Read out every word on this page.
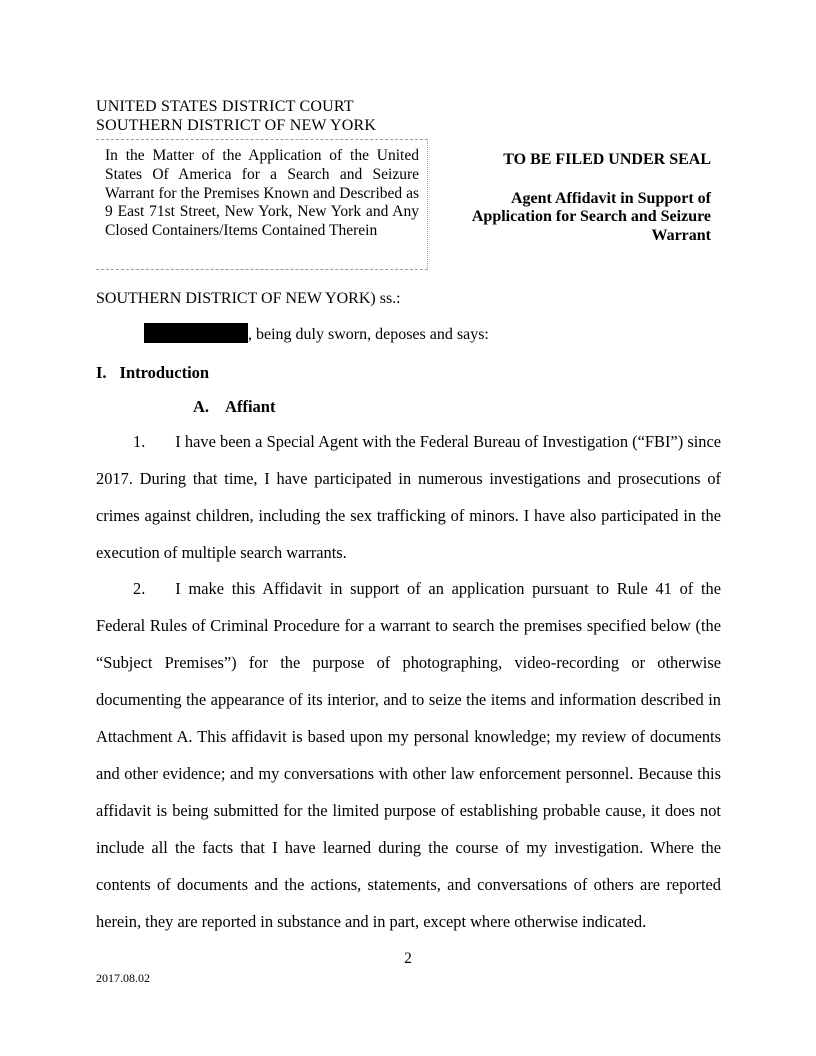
UNITED STATES DISTRICT COURT
SOUTHERN DISTRICT OF NEW YORK
In the Matter of the Application of the United States Of America for a Search and Seizure Warrant for the Premises Known and Described as 9 East 71st Street, New York, New York and Any Closed Containers/Items Contained Therein

TO BE FILED UNDER SEAL

Agent Affidavit in Support of
Application for Search and Seizure
Warrant

SOUTHERN DISTRICT OF NEW YORK) ss.:
, being duly sworn, deposes and says:
I. Introduction
A. Affiant

1. I have been a Special Agent with the Federal Bureau of Investigation (“FBI”) since 2017. During that time, I have participated in numerous investigations and prosecutions of crimes against children, including the sex trafficking of minors. I have also participated in the execution of multiple search warrants.

2. I make this Affidavit in support of an application pursuant to Rule 41 of the Federal Rules of Criminal Procedure for a warrant to search the premises specified below (the “Subject Premises”) for the purpose of photographing, video-recording or otherwise documenting the appearance of its interior, and to seize the items and information described in Attachment A. This affidavit is based upon my personal knowledge; my review of documents and other evidence; and my conversations with other law enforcement personnel. Because this affidavit is being submitted for the limited purpose of establishing probable cause, it does not include all the facts that I have learned during the course of my investigation. Where the contents of documents and the actions, statements, and conversations of others are reported herein, they are reported in substance and in part, except where otherwise indicated.

2
2017.08.02
